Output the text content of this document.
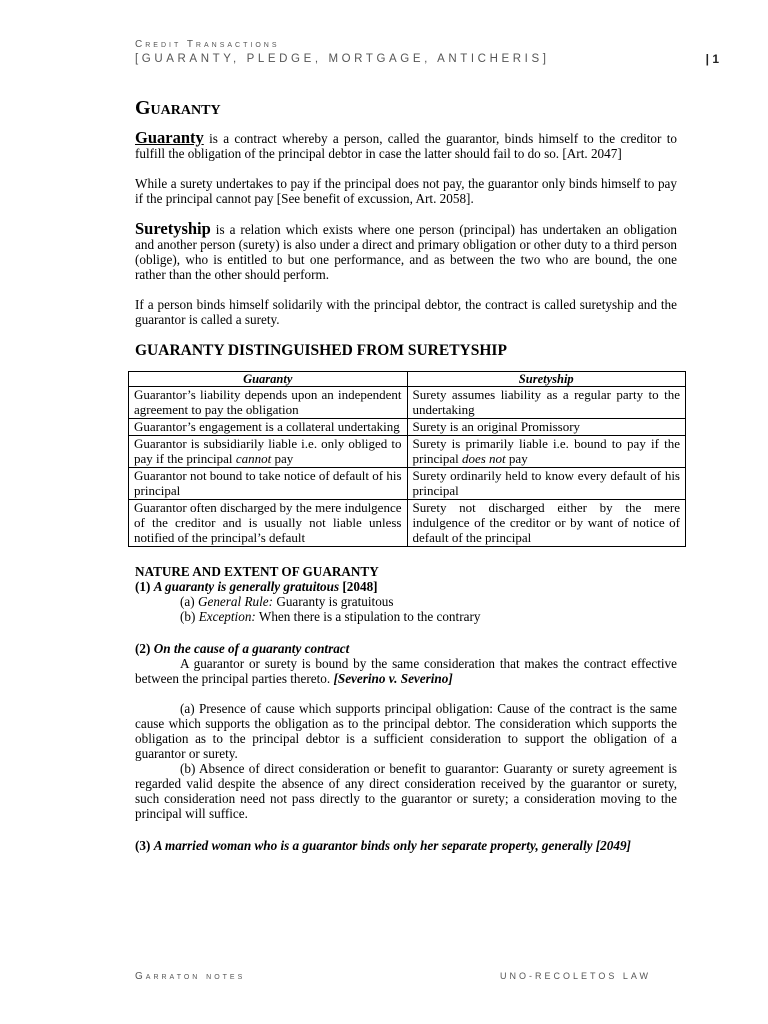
Credit Transactions
[GUARANTY, PLEDGE, MORTGAGE, ANTICHERIS]	| 1
Guaranty
Guaranty is a contract whereby a person, called the guarantor, binds himself to the creditor to fulfill the obligation of the principal debtor in case the latter should fail to do so. [Art. 2047]
While a surety undertakes to pay if the principal does not pay, the guarantor only binds himself to pay if the principal cannot pay [See benefit of excussion, Art. 2058].
Suretyship is a relation which exists where one person (principal) has undertaken an obligation and another person (surety) is also under a direct and primary obligation or other duty to a third person (oblige), who is entitled to but one performance, and as between the two who are bound, the one rather than the other should perform.
If a person binds himself solidarily with the principal debtor, the contract is called suretyship and the guarantor is called a surety.
GUARANTY DISTINGUISHED FROM SURETYSHIP
Guaranty	Suretyship
Guarantor’s liability depends upon an independent agreement to pay the obligation	Surety assumes liability as a regular party to the undertaking
Guarantor’s engagement is a collateral undertaking	Surety is an original Promissory
Guarantor is subsidiarily liable i.e. only obliged to pay if the principal cannot pay	Surety is primarily liable i.e. bound to pay if the principal does not pay
Guarantor not bound to take notice of default of his principal	Surety ordinarily held to know every default of his principal
Guarantor often discharged by the mere indulgence of the creditor and is usually not liable unless notified of the principal’s default	Surety not discharged either by the mere indulgence of the creditor or by want of notice of default of the principal
NATURE AND EXTENT OF GUARANTY
(1) A guaranty is generally gratuitous [2048]
(a) General Rule: Guaranty is gratuitous
(b) Exception: When there is a stipulation to the contrary
(2) On the cause of a guaranty contract
A guarantor or surety is bound by the same consideration that makes the contract effective between the principal parties thereto. [Severino v. Severino]
(a) Presence of cause which supports principal obligation: Cause of the contract is the same cause which supports the obligation as to the principal debtor. The consideration which supports the obligation as to the principal debtor is a sufficient consideration to support the obligation of a guarantor or surety.
(b) Absence of direct consideration or benefit to guarantor: Guaranty or surety agreement is regarded valid despite the absence of any direct consideration received by the guarantor or surety, such consideration need not pass directly to the guarantor or surety; a consideration moving to the principal will suffice.
(3) A married woman who is a guarantor binds only her separate property, generally [2049]
Garraton notes	UNO-RECOLETOS LAW
